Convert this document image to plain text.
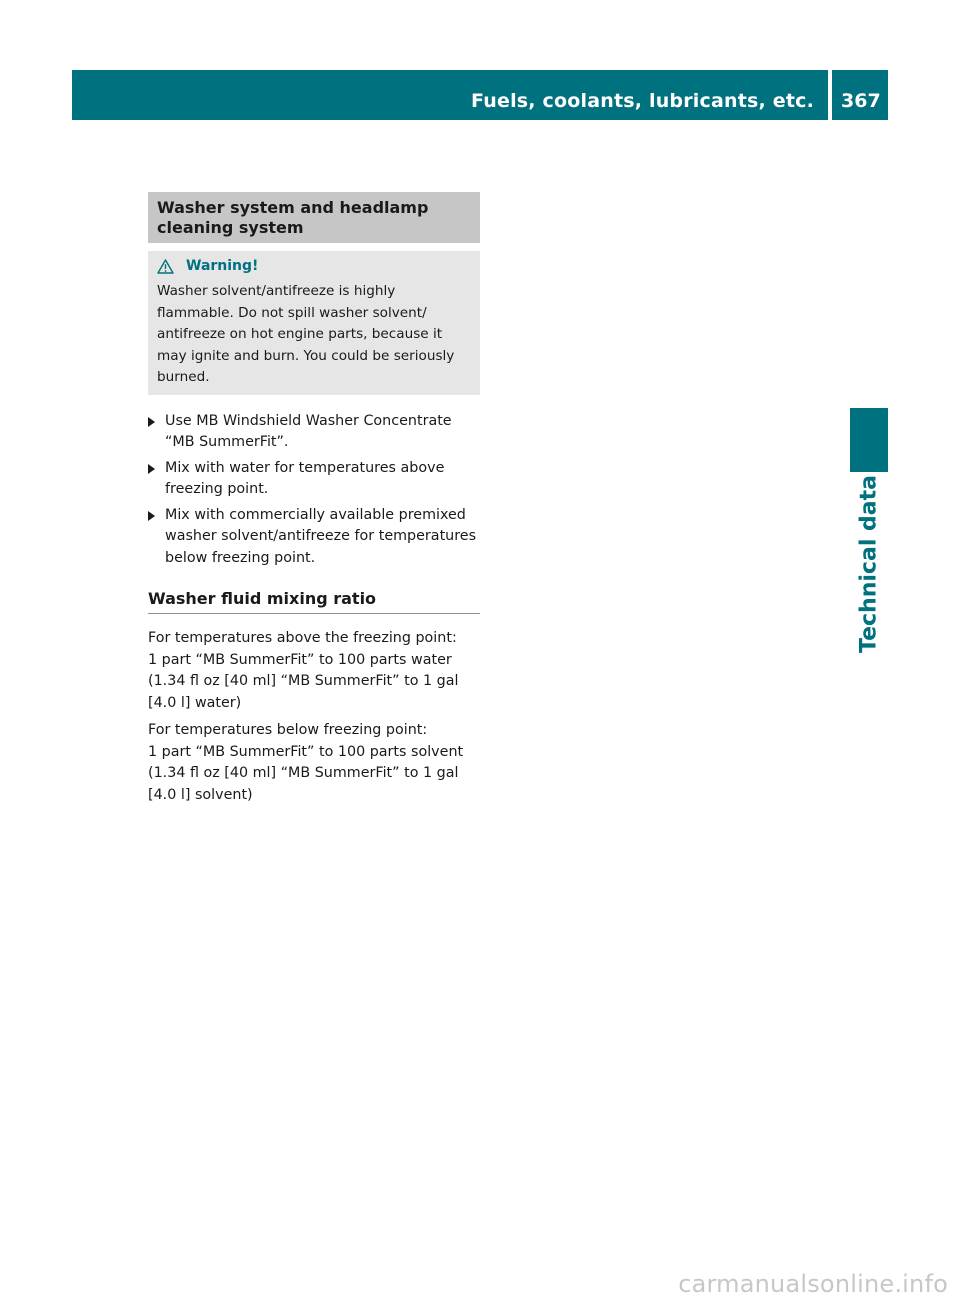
Fuels, coolants, lubricants, etc. 367
Technical data
Washer system and headlamp cleaning system
Warning!
Washer solvent/antifreeze is highly flammable. Do not spill washer solvent/ antifreeze on hot engine parts, because it may ignite and burn. You could be seriously burned.
Use MB Windshield Washer Concentrate “MB SummerFit”.
Mix with water for temperatures above freezing point.
Mix with commercially available premixed washer solvent/antifreeze for temperatures below freezing point.
Washer fluid mixing ratio
For temperatures above the freezing point:
1 part “MB SummerFit” to 100 parts water (1.34 fl oz [40 ml] “MB SummerFit” to 1 gal [4.0 l] water)
For temperatures below freezing point:
1 part “MB SummerFit” to 100 parts solvent (1.34 fl oz [40 ml] “MB SummerFit” to 1 gal [4.0 l] solvent)
carmanualsonline.info
